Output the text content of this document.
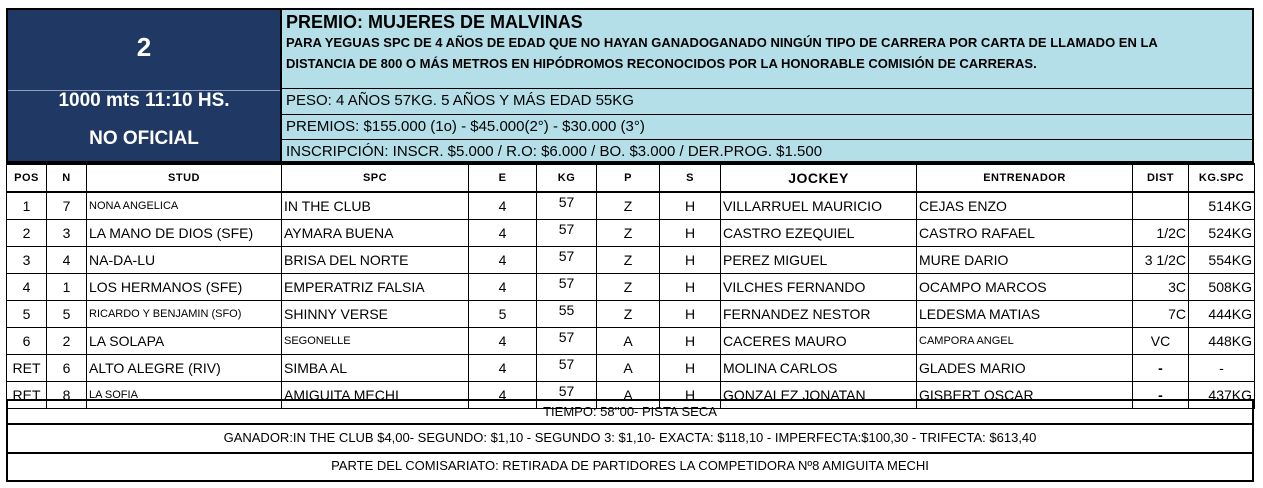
2
1000 mts 11:10 HS.
NO OFICIAL
PREMIO: MUJERES DE MALVINAS
PARA YEGUAS SPC DE 4 AÑOS DE EDAD QUE NO HAYAN GANADOGANADO NINGÚN TIPO DE CARRERA POR CARTA DE LLAMADO EN LA
DISTANCIA DE 800 O MÁS METROS EN HIPÓDROMOS RECONOCIDOS POR LA HONORABLE COMISIÓN DE CARRERAS.
PESO: 4 AÑOS 57KG. 5 AÑOS Y MÁS EDAD 55KG
PREMIOS: $155.000 (1o) - $45.000(2°) - $30.000 (3°)
INSCRIPCIÓN: INSCR. $5.000 / R.O: $6.000 / BO. $3.000 / DER.PROG. $1.500
POS	N	STUD	SPC	E	KG	P	S	JOCKEY	ENTRENADOR	DIST	KG.SPC
1	7	NONA ANGELICA	IN THE CLUB	4	57	Z	H	VILLARRUEL MAURICIO	CEJAS ENZO		514KG
2	3	LA MANO DE DIOS (SFE)	AYMARA BUENA	4	57	Z	H	CASTRO EZEQUIEL	CASTRO RAFAEL	1/2C	524KG
3	4	NA-DA-LU	BRISA DEL NORTE	4	57	Z	H	PEREZ MIGUEL	MURE DARIO	3 1/2C	554KG
4	1	LOS HERMANOS (SFE)	EMPERATRIZ FALSIA	4	57	Z	H	VILCHES FERNANDO	OCAMPO MARCOS	3C	508KG
5	5	RICARDO Y BENJAMIN (SFO)	SHINNY VERSE	5	55	Z	H	FERNANDEZ NESTOR	LEDESMA MATIAS	7C	444KG
6	2	LA SOLAPA	SEGONELLE	4	57	A	H	CACERES MAURO	CAMPORA ANGEL	VC	448KG
RET	6	ALTO ALEGRE (RIV)	SIMBA AL	4	57	A	H	MOLINA CARLOS	GLADES MARIO	-	-
RET	8	LA SOFIA	AMIGUITA MECHI	4	57	A	H	GONZALEZ JONATAN	GISBERT OSCAR	-	437KG
TIEMPO: 58''00- PISTA SECA
GANADOR:IN THE CLUB $4,00- SEGUNDO: $1,10 - SEGUNDO 3: $1,10- EXACTA: $118,10 - IMPERFECTA:$100,30 - TRIFECTA: $613,40
PARTE DEL COMISARIATO: RETIRADA DE PARTIDORES LA COMPETIDORA Nº8 AMIGUITA MECHI
